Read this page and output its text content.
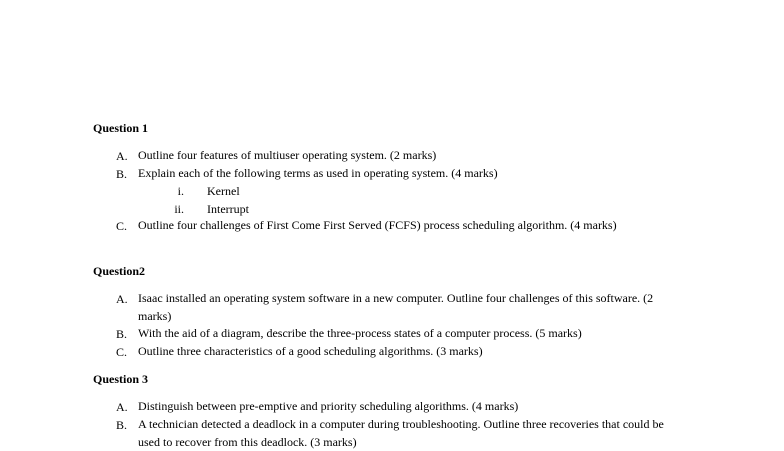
Question 1
A. Outline four features of multiuser operating system. (2 marks)
B. Explain each of the following terms as used in operating system. (4 marks)
i. Kernel
ii. Interrupt
C. Outline four challenges of First Come First Served (FCFS) process scheduling algorithm. (4 marks)
Question2
A. Isaac installed an operating system software in a new computer. Outline four challenges of this software. (2 marks)
B. With the aid of a diagram, describe the three-process states of a computer process. (5 marks)
C. Outline three characteristics of a good scheduling algorithms. (3 marks)
Question 3
A. Distinguish between pre-emptive and priority scheduling algorithms. (4 marks)
B. A technician detected a deadlock in a computer during troubleshooting. Outline three recoveries that could be used to recover from this deadlock. (3 marks)
